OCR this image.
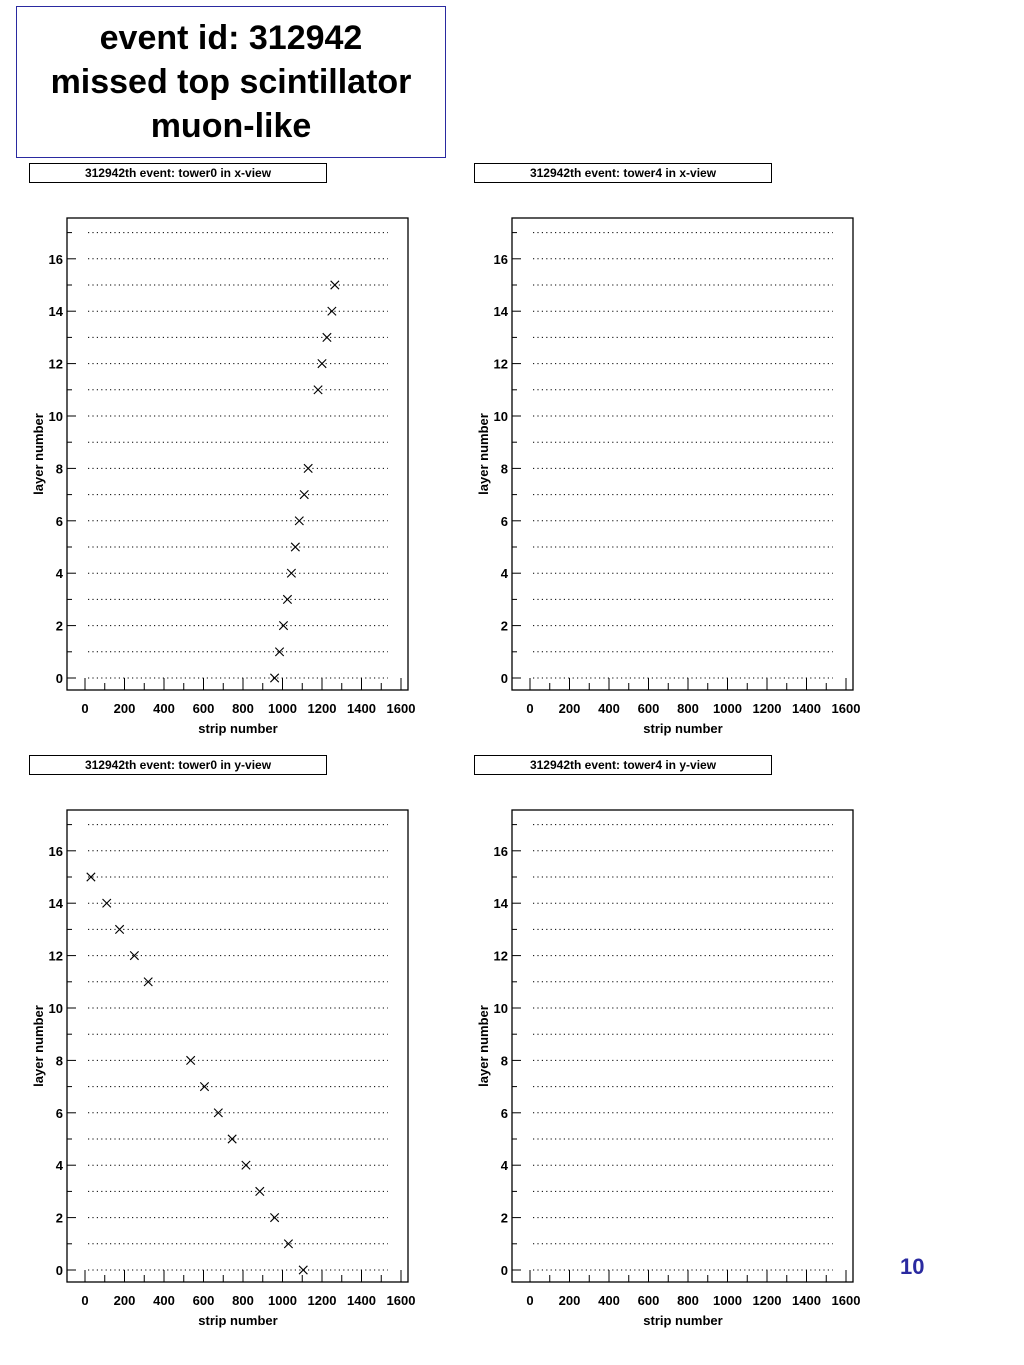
event id: 312942
missed top scintillator
muon-like
312942th event: tower0 in x-view	312942th event: tower4 in x-view
312942th event: tower0 in y-view	312942th event: tower4 in y-view
0
2
4
6
8
10
12
14
16
0 200 400 600 800 1000 1200 1400 1600
strip number
layer number
0
2
4
6
8
10
12
14
16
0 200 400 600 800 1000 1200 1400 1600
strip number
layer number
0
2
4
6
8
10
12
14
16
0 200 400 600 800 1000 1200 1400 1600
strip number
layer number
0
2
4
6
8
10
12
14
16
0 200 400 600 800 1000 1200 1400 1600
strip number
layer number
10
